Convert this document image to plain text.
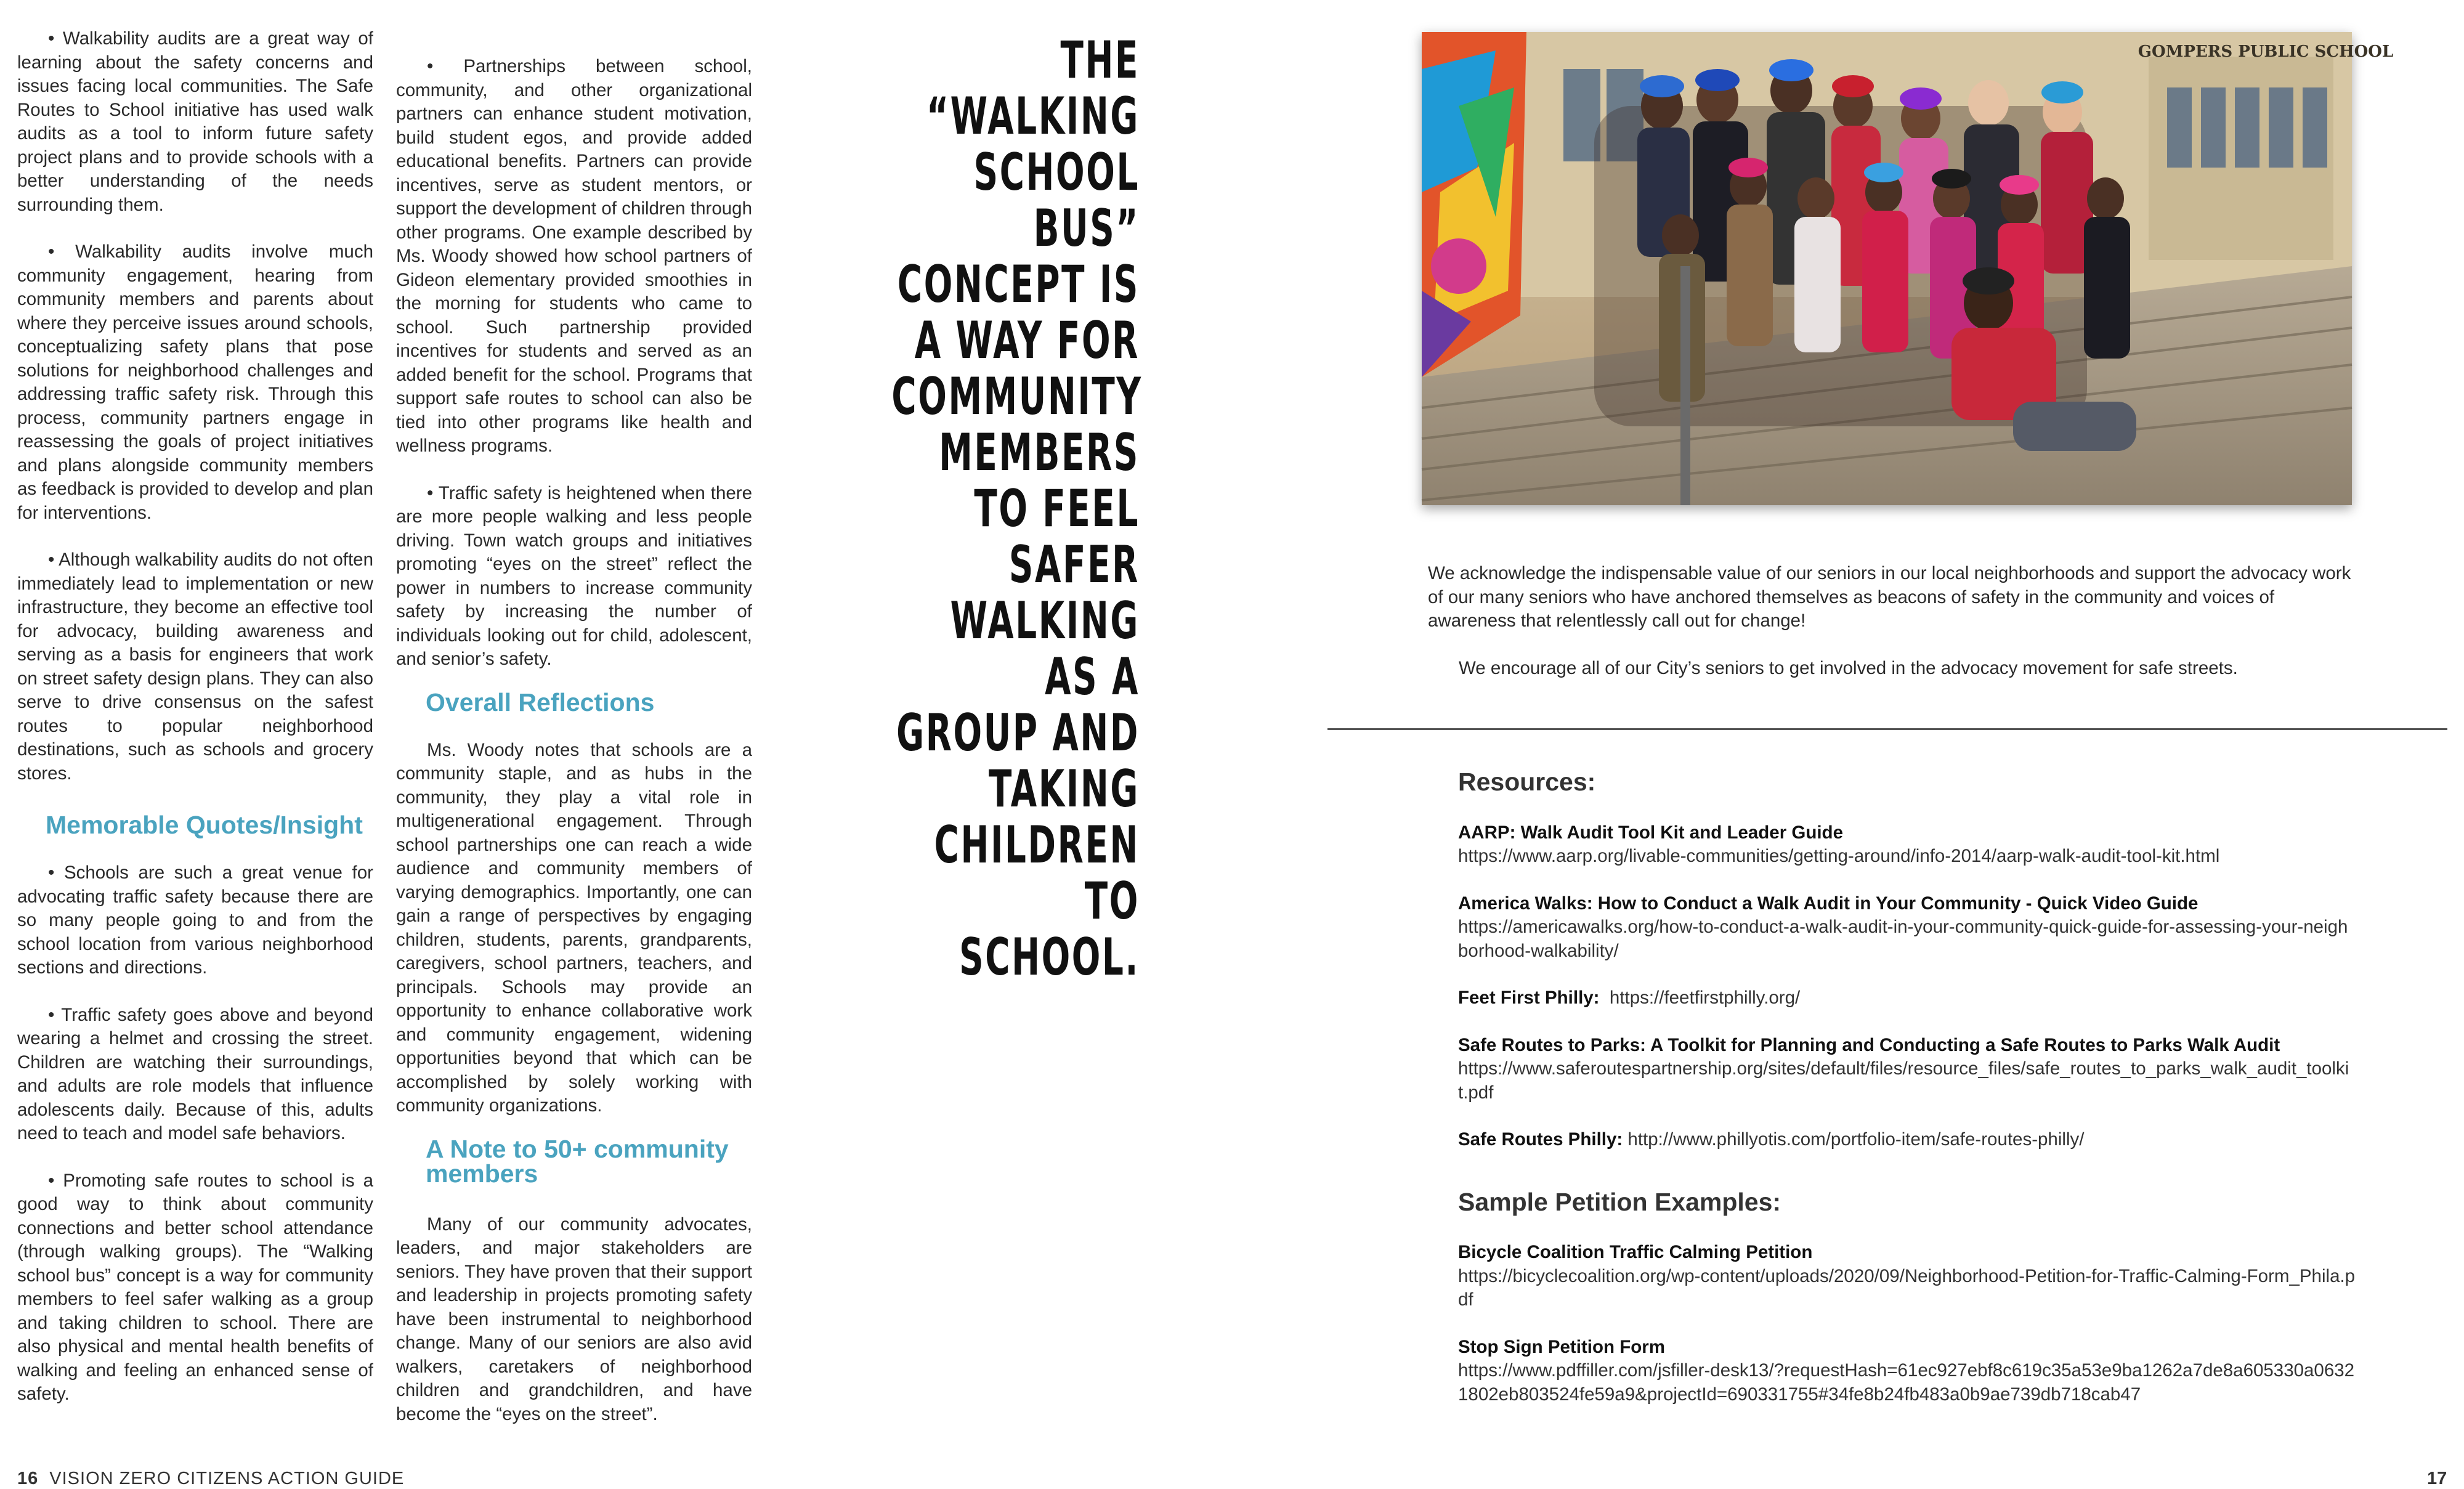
• Walkability audits are a great way of learning about the safety concerns and issues facing local communities. The Safe Routes to School initiative has used walk audits as a tool to inform future safety project plans and to provide schools with a better understanding of the needs surrounding them.

• Walkability audits involve much community engagement, hearing from community members and parents about where they perceive issues around schools, conceptualizing safety plans that pose solutions for neighborhood challenges and addressing traffic safety risk. Through this process, community partners engage in reassessing the goals of project initiatives and plans alongside community members as feedback is provided to develop and plan for interventions.

• Although walkability audits do not often immediately lead to implementation or new infrastructure, they become an effective tool for advocacy, building awareness and serving as a basis for engineers that work on street safety design plans. They can also serve to drive consensus on the safest routes to popular neighborhood destinations, such as schools and grocery stores.

Memorable Quotes/Insight

• Schools are such a great venue for advocating traffic safety because there are so many people going to and from the school location from various neighborhood sections and directions.

• Traffic safety goes above and beyond wearing a helmet and crossing the street. Children are watching their surroundings, and adults are role models that influence adolescents daily. Because of this, adults need to teach and model safe behaviors.

• Promoting safe routes to school is a good way to think about community connections and better school attendance (through walking groups). The “Walking school bus” concept is a way for community members to feel safer walking as a group and taking children to school. There are also physical and mental health benefits of walking and feeling an enhanced sense of safety.

• Partnerships between school, community, and other organizational partners can enhance student motivation, build student egos, and provide added educational benefits. Partners can provide incentives, serve as student mentors, or support the development of children through other programs. One example described by Ms. Woody showed how school partners of Gideon elementary provided smoothies in the morning for students who came to school. Such partnership provided incentives for students and served as an added benefit for the school. Programs that support safe routes to school can also be tied into other programs like health and wellness programs.

• Traffic safety is heightened when there are more people walking and less people driving. Town watch groups and initiatives promoting “eyes on the street” reflect the power in numbers to increase community safety by increasing the number of individuals looking out for child, adolescent, and senior’s safety.

Overall Reflections

Ms. Woody notes that schools are a community staple, and as hubs in the community, they play a vital role in multigenerational engagement. Through school partnerships one can reach a wide audience and community members of varying demographics. Importantly, one can gain a range of perspectives by engaging children, students, parents, grandparents, caregivers, school partners, teachers, and principals. Schools may provide an opportunity to enhance collaborative work and community engagement, widening opportunities beyond that which can be accomplished by solely working with community organizations.

A Note to 50+ community members

Many of our community advocates, leaders, and major stakeholders are seniors. They have proven that their support and leadership in projects promoting safety have been instrumental to neighborhood change. Many of our seniors are also avid walkers, caretakers of neighborhood children and grandchildren, and have become the “eyes on the street”.

THE “WALKING SCHOOL BUS” CONCEPT IS A WAY FOR COMMUNITY MEMBERS TO FEEL SAFER WALKING AS A GROUP AND TAKING CHILDREN TO SCHOOL.
GOMPERS PUBLIC SCHOOL

We acknowledge the indispensable value of our seniors in our local neighborhoods and support the advocacy work of our many seniors who have anchored themselves as beacons of safety in the community and voices of awareness that relentlessly call out for change!

We encourage all of our City’s seniors to get involved in the advocacy movement for safe streets.

Resources:
AARP: Walk Audit Tool Kit and Leader Guide
https://www.aarp.org/livable-communities/getting-around/info-2014/aarp-walk-audit-tool-kit.html
America Walks: How to Conduct a Walk Audit in Your Community - Quick Video Guide
https://americawalks.org/how-to-conduct-a-walk-audit-in-your-community-quick-guide-for-assessing-your-neighborhood-walkability/
Feet First Philly: https://feetfirstphilly.org/
Safe Routes to Parks: A Toolkit for Planning and Conducting a Safe Routes to Parks Walk Audit
https://www.saferoutespartnership.org/sites/default/files/resource_files/safe_routes_to_parks_walk_audit_toolkit.pdf
Safe Routes Philly: http://www.phillyotis.com/portfolio-item/safe-routes-philly/
Sample Petition Examples:
Bicycle Coalition Traffic Calming Petition
https://bicyclecoalition.org/wp-content/uploads/2020/09/Neighborhood-Petition-for-Traffic-Calming-Form_Phila.pdf
Stop Sign Petition Form
https://www.pdffiller.com/jsfiller-desk13/?requestHash=61ec927ebf8c619c35a53e9ba1262a7de8a605330a06321802eb803524fe59a9&projectId=690331755#34fe8b24fb483a0b9ae739db718cab47
16 VISION ZERO CITIZENS ACTION GUIDE	17
